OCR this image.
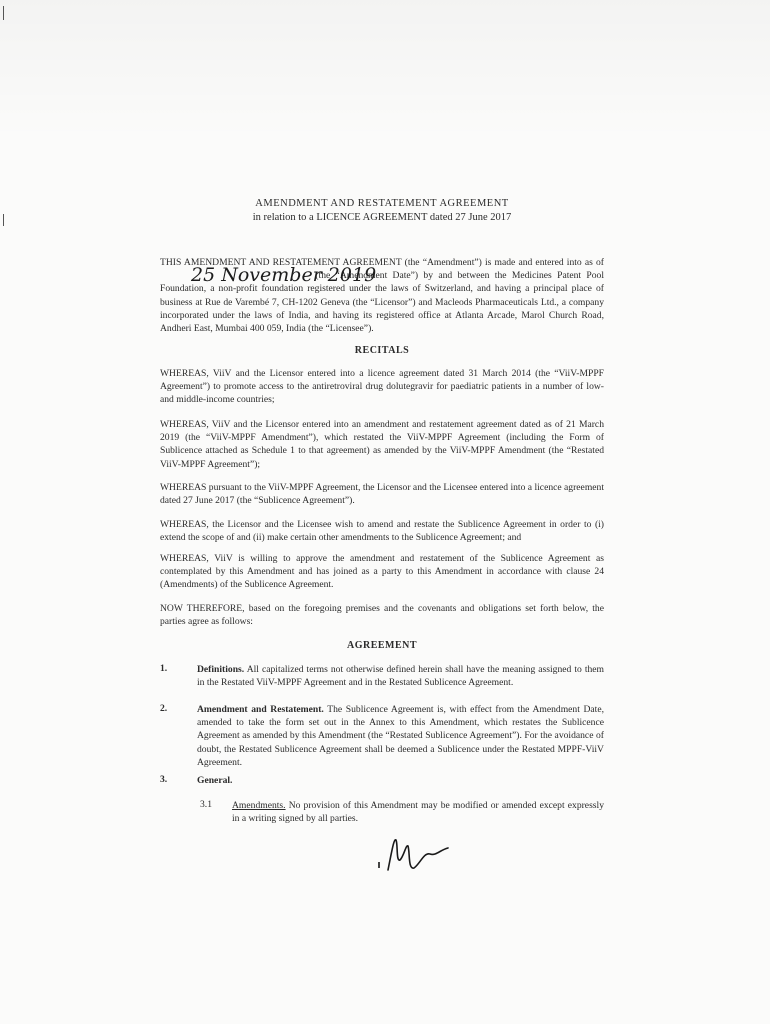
AMENDMENT AND RESTATEMENT AGREEMENT
in relation to a LICENCE AGREEMENT dated 27 June 2017
THIS AMENDMENT AND RESTATEMENT AGREEMENT (the “Amendment”) is made and entered into as of  (the “Amendment Date”) by and between the Medicines Patent Pool Foundation, a non-profit foundation registered under the laws of Switzerland, and having a principal place of business at Rue de Varembé 7, CH-1202 Geneva (the “Licensor”) and Macleods Pharmaceuticals Ltd., a company incorporated under the laws of India, and having its registered office at Atlanta Arcade, Marol Church Road, Andheri East, Mumbai 400 059, India (the “Licensee”).
25 November 2019
RECITALS
WHEREAS, ViiV and the Licensor entered into a licence agreement dated 31 March 2014 (the “ViiV-MPPF Agreement”) to promote access to the antiretroviral drug dolutegravir for paediatric patients in a number of low- and middle-income countries;
WHEREAS, ViiV and the Licensor entered into an amendment and restatement agreement dated as of 21 March 2019 (the “ViiV-MPPF Amendment”), which restated the ViiV-MPPF Agreement (including the Form of Sublicence attached as Schedule 1 to that agreement) as amended by the ViiV-MPPF Amendment (the “Restated ViiV-MPPF Agreement”);
WHEREAS pursuant to the ViiV-MPPF Agreement, the Licensor and the Licensee entered into a licence agreement dated 27 June 2017 (the “Sublicence Agreement”).
WHEREAS, the Licensor and the Licensee wish to amend and restate the Sublicence Agreement in order to (i) extend the scope of and (ii) make certain other amendments to the Sublicence Agreement; and
WHEREAS, ViiV is willing to approve the amendment and restatement of the Sublicence Agreement as contemplated by this Amendment and has joined as a party to this Amendment in accordance with clause 24 (Amendments) of the Sublicence Agreement.
NOW THEREFORE, based on the foregoing premises and the covenants and obligations set forth below, the parties agree as follows:
AGREEMENT
1.	Definitions. All capitalized terms not otherwise defined herein shall have the meaning assigned to them in the Restated ViiV-MPPF Agreement and in the Restated Sublicence Agreement.
2.	Amendment and Restatement. The Sublicence Agreement is, with effect from the Amendment Date, amended to take the form set out in the Annex to this Amendment, which restates the Sublicence Agreement as amended by this Amendment (the “Restated Sublicence Agreement”). For the avoidance of doubt, the Restated Sublicence Agreement shall be deemed a Sublicence under the Restated MPPF-ViiV Agreement.
3.	General.
3.1 Amendments. No provision of this Amendment may be modified or amended except expressly in a writing signed by all parties.
